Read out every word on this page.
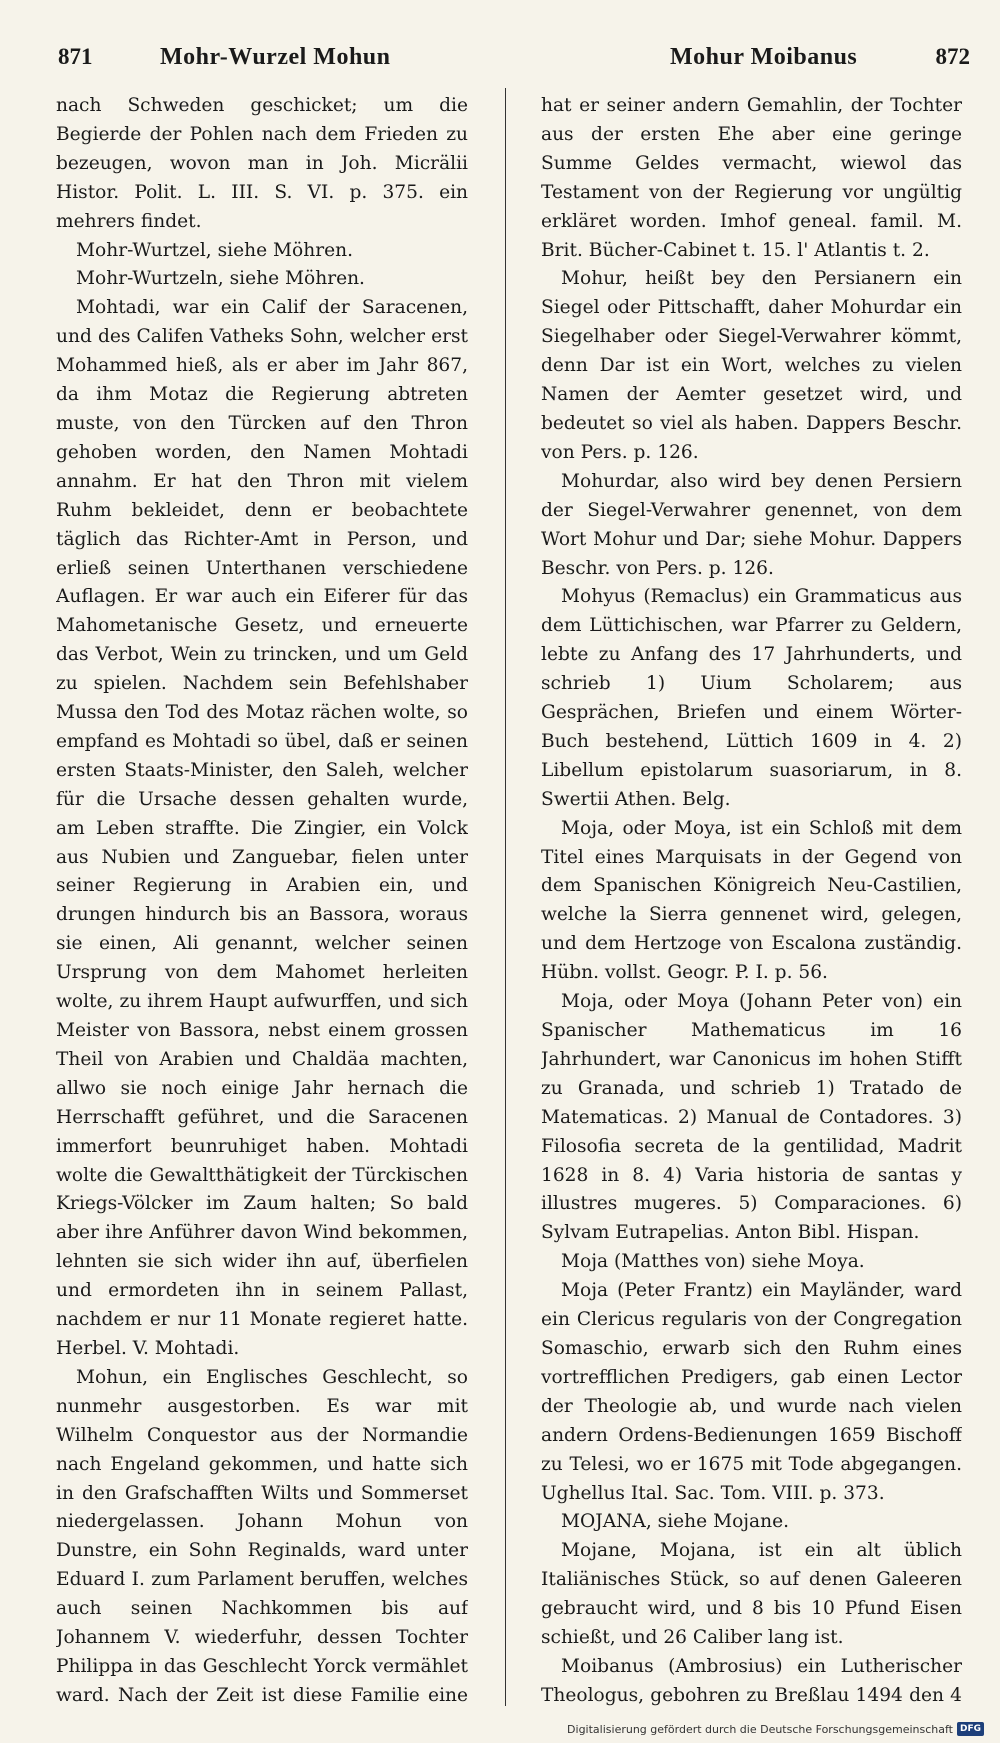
871	Mohr-Wurzel Mohun	Mohur Moibanus	872

nach Schweden geschicket; um die Begierde der Pohlen nach dem Frieden zu bezeugen, wovon man in Joh. Micrälii Histor. Polit. L. III. S. VI. p. 375. ein mehrers findet.

Mohr-Wurtzel, siehe Möhren.

Mohr-Wurtzeln, siehe Möhren.

Mohtadi, war ein Calif der Saracenen, und des Califen Vatheks Sohn, welcher erst Mohammed hieß, als er aber im Jahr 867, da ihm Motaz die Regierung abtreten muste, von den Türcken auf den Thron gehoben worden, den Namen Mohtadi annahm. Er hat den Thron mit vielem Ruhm bekleidet, denn er beobachtete täglich das Richter-Amt in Person, und erließ seinen Unterthanen verschiedene Auflagen. Er war auch ein Eiferer für das Mahometanische Gesetz, und erneuerte das Verbot, Wein zu trincken, und um Geld zu spielen. Nachdem sein Befehlshaber Mussa den Tod des Motaz rächen wolte, so empfand es Mohtadi so übel, daß er seinen ersten Staats-Minister, den Saleh, welcher für die Ursache dessen gehalten wurde, am Leben straffte. Die Zingier, ein Volck aus Nubien und Zanguebar, fielen unter seiner Regierung in Arabien ein, und drungen hindurch bis an Bassora, woraus sie einen, Ali genannt, welcher seinen Ursprung von dem Mahomet herleiten wolte, zu ihrem Haupt aufwurffen, und sich Meister von Bassora, nebst einem grossen Theil von Arabien und Chaldäa machten, allwo sie noch einige Jahr hernach die Herrschafft geführet, und die Saracenen immerfort beunruhiget haben. Mohtadi wolte die Gewaltthätigkeit der Türckischen Kriegs-Völcker im Zaum halten; So bald aber ihre Anführer davon Wind bekommen, lehnten sie sich wider ihn auf, überfielen und ermordeten ihn in seinem Pallast, nachdem er nur 11 Monate regieret hatte. Herbel. V. Mohtadi.

Mohun, ein Englisches Geschlecht, so nunmehr ausgestorben. Es war mit Wilhelm Conquestor aus der Normandie nach Engeland gekommen, und hatte sich in den Grafschafften Wilts und Sommerset niedergelassen. Johann Mohun von Dunstre, ein Sohn Reginalds, ward unter Eduard I. zum Parlament beruffen, welches auch seinen Nachkommen bis auf Johannem V. wiederfuhr, dessen Tochter Philippa in das Geschlecht Yorck vermählet ward. Nach der Zeit ist diese Familie eine

hat er seiner andern Gemahlin, der Tochter aus der ersten Ehe aber eine geringe Summe Geldes vermacht, wiewol das Testament von der Regierung vor ungültig erkläret worden. Imhof geneal. famil. M. Brit. Bücher-Cabinet t. 15. l' Atlantis t. 2.

Mohur, heißt bey den Persianern ein Siegel oder Pittschafft, daher Mohurdar ein Siegelhaber oder Siegel-Verwahrer kömmt, denn Dar ist ein Wort, welches zu vielen Namen der Aemter gesetzet wird, und bedeutet so viel als haben. Dappers Beschr. von Pers. p. 126.

Mohurdar, also wird bey denen Persiern der Siegel-Verwahrer genennet, von dem Wort Mohur und Dar; siehe Mohur. Dappers Beschr. von Pers. p. 126.

Mohyus (Remaclus) ein Grammaticus aus dem Lüttichischen, war Pfarrer zu Geldern, lebte zu Anfang des 17 Jahrhunderts, und schrieb 1) Uium Scholarem; aus Gesprächen, Briefen und einem Wörter-Buch bestehend, Lüttich 1609 in 4. 2) Libellum epistolarum suasoriarum, in 8. Swertii Athen. Belg.

Moja, oder Moya, ist ein Schloß mit dem Titel eines Marquisats in der Gegend von dem Spanischen Königreich Neu-Castilien, welche la Sierra gennenet wird, gelegen, und dem Hertzoge von Escalona zuständig. Hübn. vollst. Geogr. P. I. p. 56.

Moja, oder Moya (Johann Peter von) ein Spanischer Mathematicus im 16 Jahrhundert, war Canonicus im hohen Stifft zu Granada, und schrieb 1) Tratado de Matematicas. 2) Manual de Contadores. 3) Filosofia secreta de la gentilidad, Madrit 1628 in 8. 4) Varia historia de santas y illustres mugeres. 5) Comparaciones. 6) Sylvam Eutrapelias. Anton Bibl. Hispan.

Moja (Matthes von) siehe Moya.

Moja (Peter Frantz) ein Mayländer, ward ein Clericus regularis von der Congregation Somaschio, erwarb sich den Ruhm eines vortrefflichen Predigers, gab einen Lector der Theologie ab, und wurde nach vielen andern Ordens-Bedienungen 1659 Bischoff zu Telesi, wo er 1675 mit Tode abgegangen. Ughellus Ital. Sac. Tom. VIII. p. 373.

MOJANA, siehe Mojane.

Mojane, Mojana, ist ein alt üblich Italiänisches Stück, so auf denen Galeeren gebraucht wird, und 8 bis 10 Pfund Eisen schießt, und 26 Caliber lang ist.

Moibanus (Ambrosius) ein Lutherischer Theologus, gebohren zu Breßlau 1494 den 4

Digitalisierung gefördert durch die Deutsche Forschungsgemeinschaft DFG
